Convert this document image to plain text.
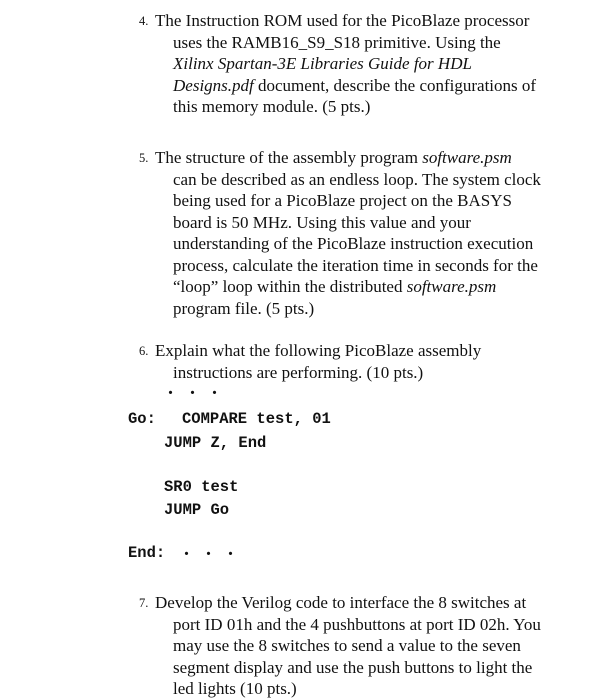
4. The Instruction ROM used for the PicoBlaze processor
uses the RAMB16_S9_S18 primitive. Using the
Xilinx Spartan-3E Libraries Guide for HDL
Designs.pdf document, describe the configurations of
this memory module. (5 pts.)
5. The structure of the assembly program software.psm
can be described as an endless loop. The system clock
being used for a PicoBlaze project on the BASYS
board is 50 MHz. Using this value and your
understanding of the PicoBlaze instruction execution
process, calculate the iteration time in seconds for the
“loop” loop within the distributed software.psm
program file. (5 pts.)
6. Explain what the following PicoBlaze assembly
instructions are performing. (10 pts.)
. . .
Go: COMPARE test, 01
JUMP Z, End
SR0 test
JUMP Go
End: . . .
7. Develop the Verilog code to interface the 8 switches at
port ID 01h and the 4 pushbuttons at port ID 02h. You
may use the 8 switches to send a value to the seven
segment display and use the push buttons to light the
led lights (10 pts.)
